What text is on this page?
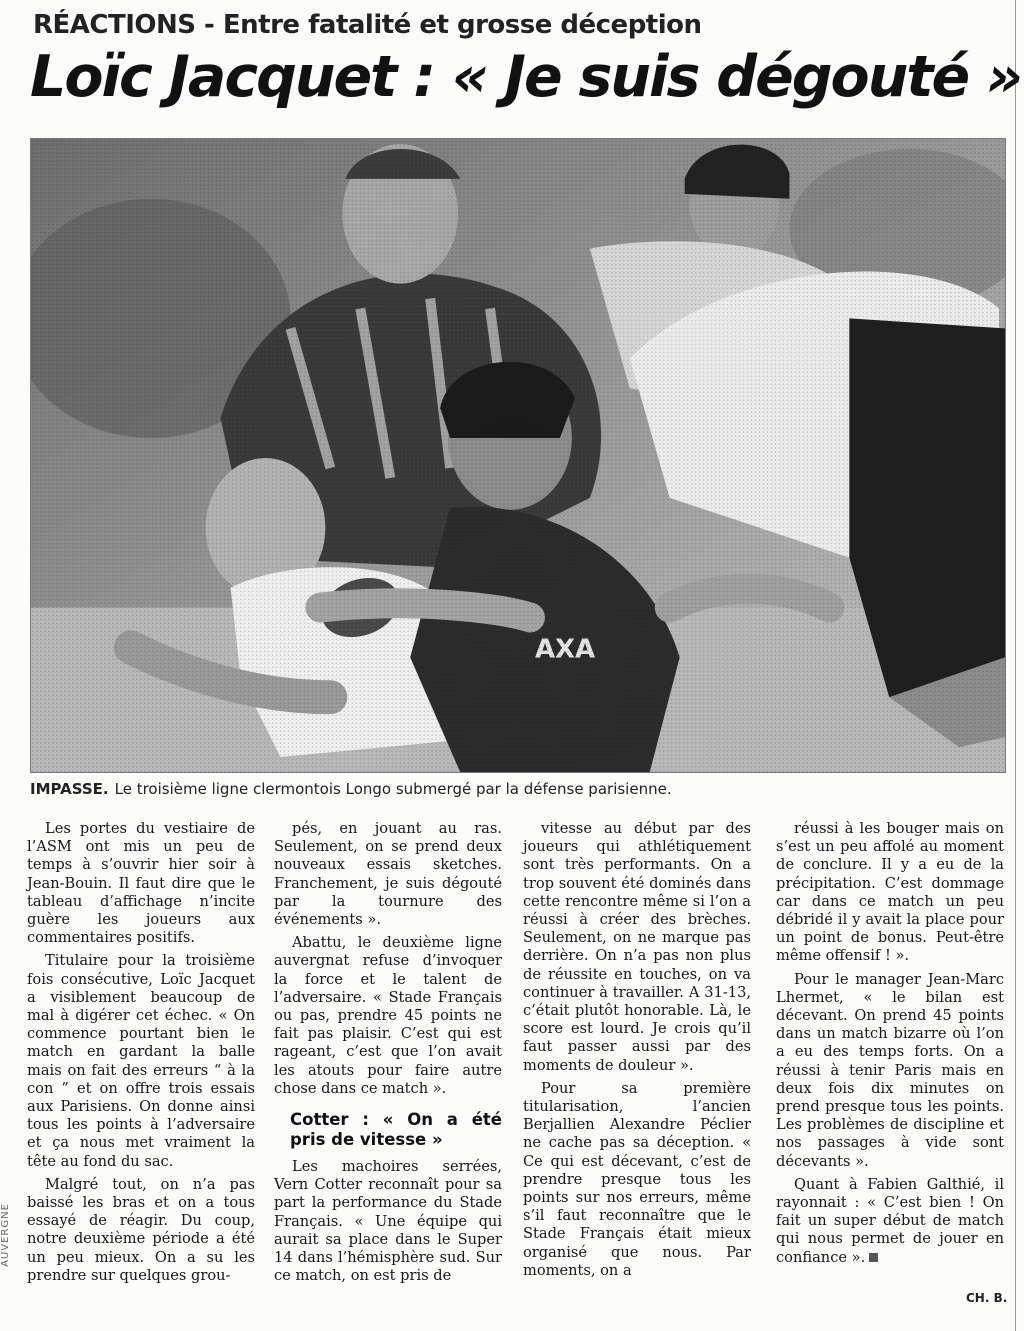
RÉACTIONS - Entre fatalité et grosse déception
Loïc Jacquet : « Je suis dégouté »
IMPASSE. Le troisième ligne clermontois Longo submergé par la défense parisienne.

Les portes du vestiaire de l’ASM ont mis un peu de temps à s’ouvrir hier soir à Jean-Bouin. Il faut dire que le tableau d’affichage n’incite guère les joueurs aux commentaires positifs.

Titulaire pour la troisième fois consécutive, Loïc Jacquet a visiblement beaucoup de mal à digérer cet échec. « On commence pourtant bien le match en gardant la balle mais on fait des erreurs “ à la con ” et on offre trois essais aux Parisiens. On donne ainsi tous les points à l’adversaire et ça nous met vraiment la tête au fond du sac.

Malgré tout, on n’a pas baissé les bras et on a tous essayé de réagir. Du coup, notre deuxième période a été un peu mieux. On a su les prendre sur quelques grou-

pés, en jouant au ras. Seulement, on se prend deux nouveaux essais sketches. Franchement, je suis dégouté par la tournure des événements ».

Abattu, le deuxième ligne auvergnat refuse d’invoquer la force et le talent de l’adversaire. « Stade Français ou pas, prendre 45 points ne fait pas plaisir. C’est qui est rageant, c’est que l’on avait les atouts pour faire autre chose dans ce match ».

Cotter : « On a été pris de vitesse »

Les machoires serrées, Vern Cotter reconnaît pour sa part la performance du Stade Français. « Une équipe qui aurait sa place dans le Super 14 dans l’hémisphère sud. Sur ce match, on est pris de

vitesse au début par des joueurs qui athlétiquement sont très performants. On a trop souvent été dominés dans cette rencontre même si l’on a réussi à créer des brèches. Seulement, on ne marque pas derrière. On n’a pas non plus de réussite en touches, on va continuer à travailler. A 31-13, c’était plutôt honorable. Là, le score est lourd. Je crois qu’il faut passer aussi par des moments de douleur ».

Pour sa première titularisation, l’ancien Berjallien Alexandre Péclier ne cache pas sa déception. « Ce qui est décevant, c’est de prendre presque tous les points sur nos erreurs, même s’il faut reconnaître que le Stade Français était mieux organisé que nous. Par moments, on a

réussi à les bouger mais on s’est un peu affolé au moment de conclure. Il y a eu de la précipitation. C’est dommage car dans ce match un peu débridé il y avait la place pour un point de bonus. Peut-être même offensif ! ».

Pour le manager Jean-Marc Lhermet, « le bilan est décevant. On prend 45 points dans un match bizarre où l’on a eu des temps forts. On a réussi à tenir Paris mais en deux fois dix minutes on prend presque tous les points. Les problèmes de discipline et nos passages à vide sont décevants ».

Quant à Fabien Galthié, il rayonnait : « C’est bien ! On fait un super début de match qui nous permet de jouer en confiance ».

AUVERGNE
CH. B.
